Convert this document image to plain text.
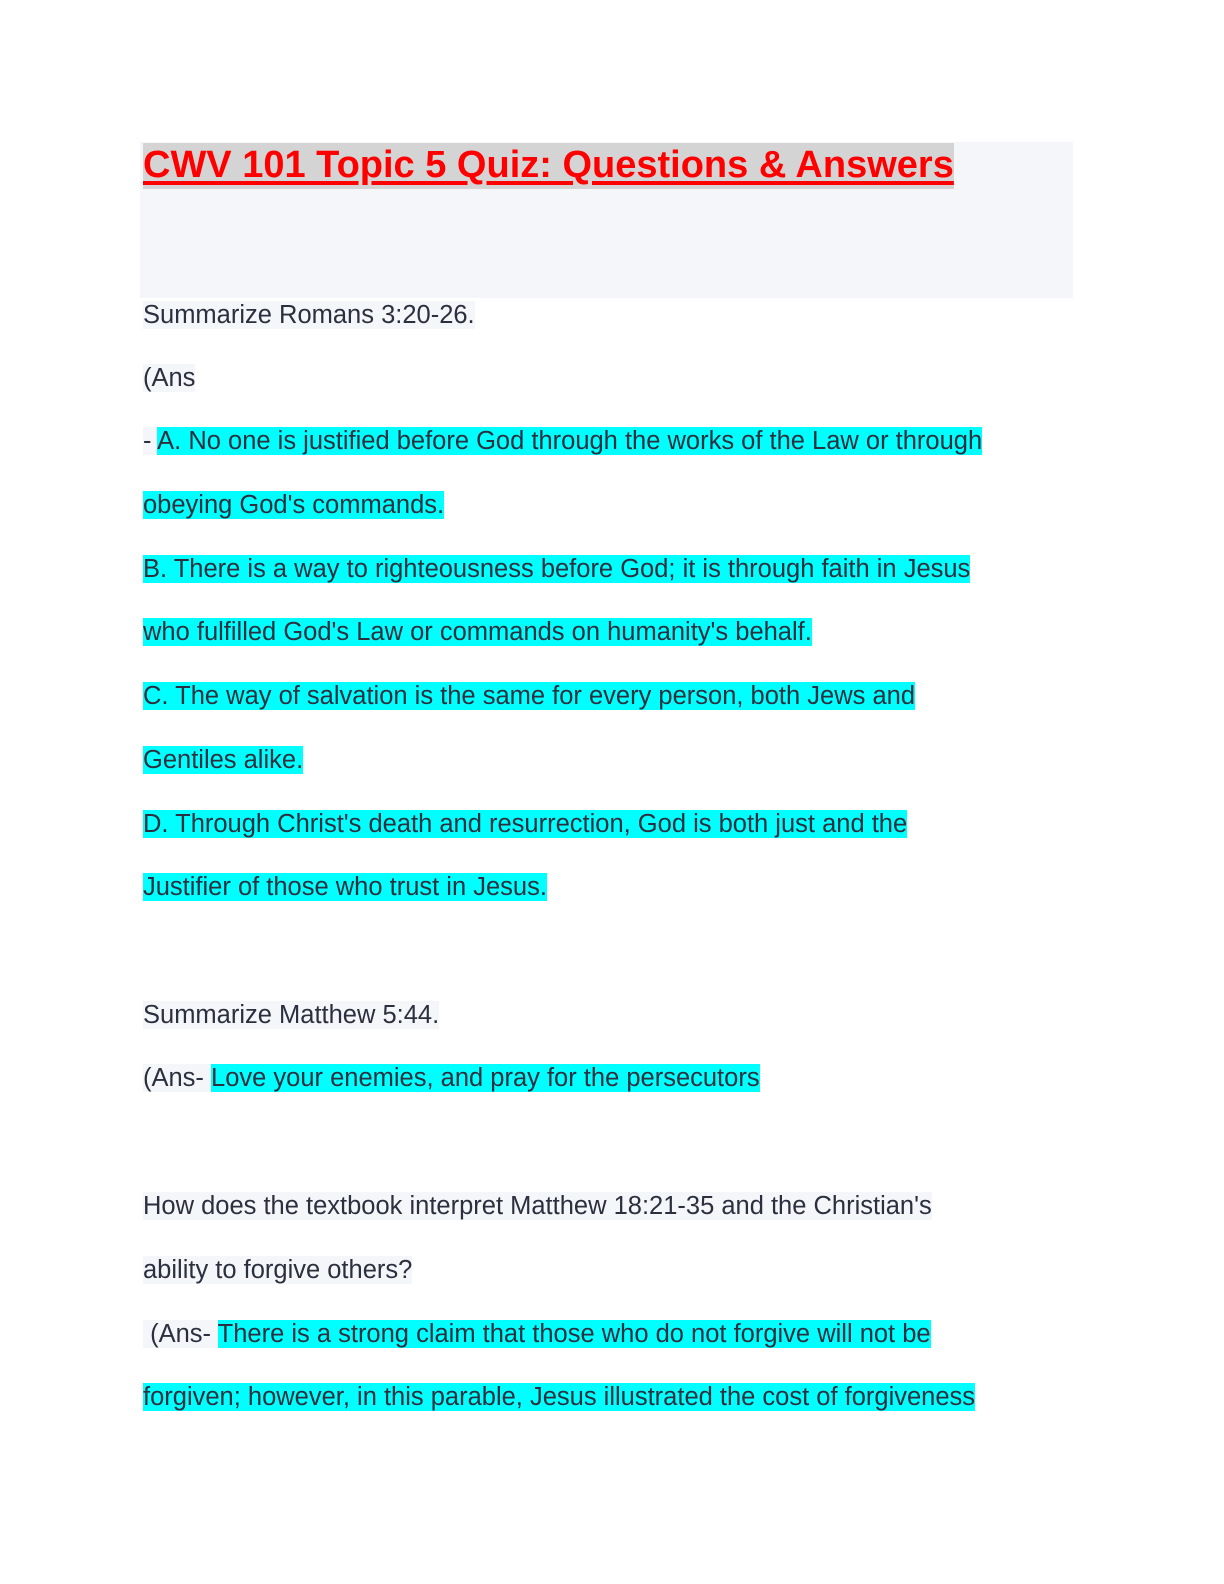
CWV 101 Topic 5 Quiz: Questions & Answers
Summarize Romans 3:20-26.
(Ans
- A. No one is justified before God through the works of the Law or through
obeying God's commands.
B. There is a way to righteousness before God; it is through faith in Jesus
who fulfilled God's Law or commands on humanity's behalf.
C. The way of salvation is the same for every person, both Jews and
Gentiles alike.
D. Through Christ's death and resurrection, God is both just and the
Justifier of those who trust in Jesus.
Summarize Matthew 5:44.
(Ans- Love your enemies, and pray for the persecutors
How does the textbook interpret Matthew 18:21-35 and the Christian's
ability to forgive others?
(Ans- There is a strong claim that those who do not forgive will not be
forgiven; however, in this parable, Jesus illustrated the cost of forgiveness
